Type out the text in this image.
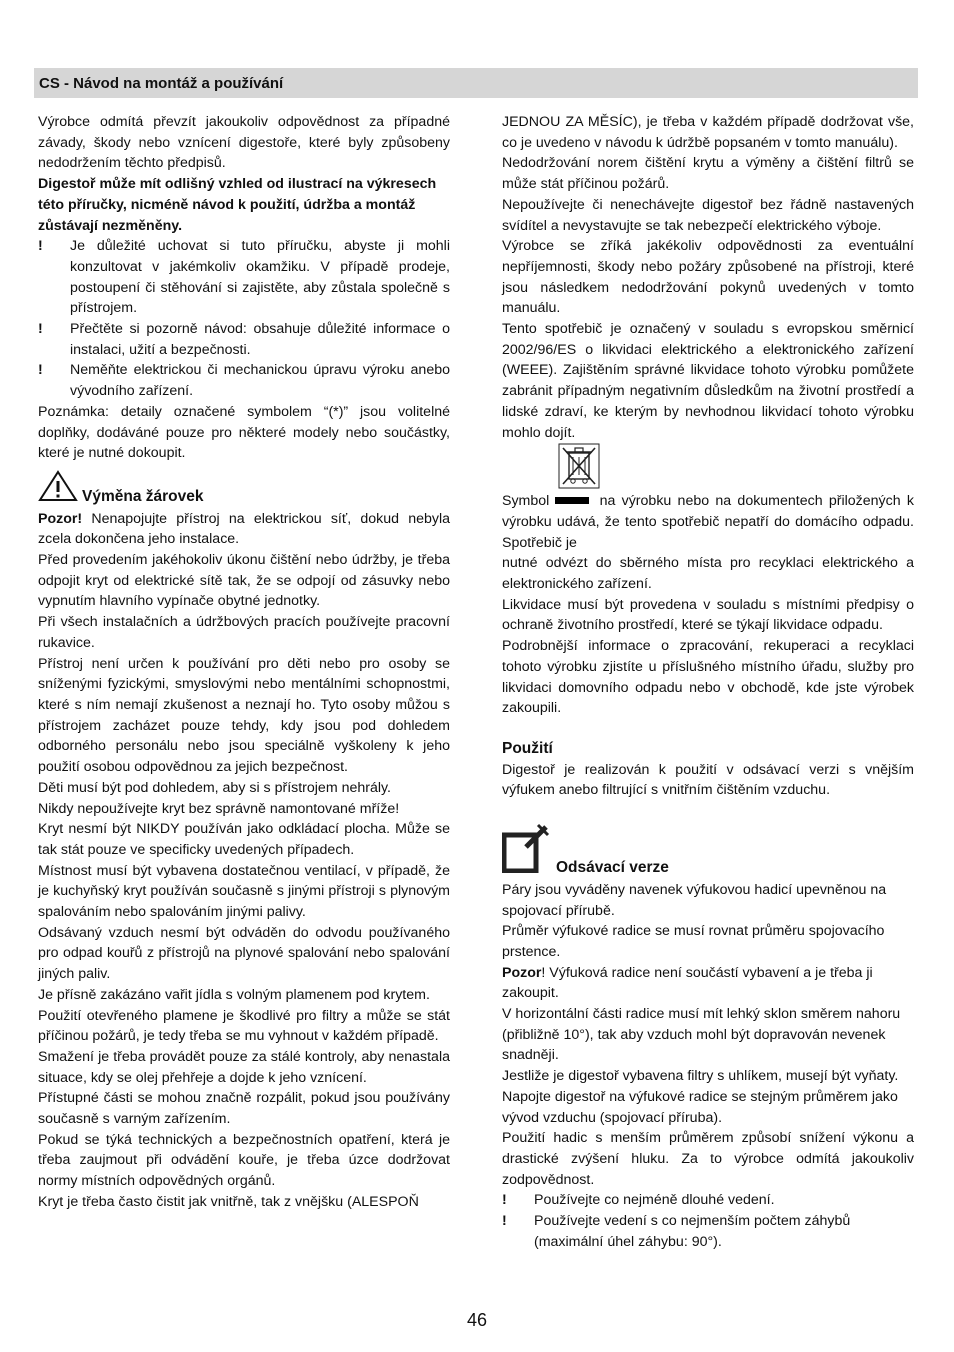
CS - Návod na montáž a používání

Výrobce odmítá převzít jakoukoliv odpovědnost za případné závady, škody nebo vznícení digestoře, které byly způsobeny nedodržením těchto předpisů.

Digestoř může mít odlišný vzhled od ilustrací na výkresech této příručky, nicméně návod k použití, údržba a montáž zůstávají nezměněny.

!	Je důležité uchovat si tuto příručku, abyste ji mohli konzultovat v jakémkoliv okamžiku. V případě prodeje, postoupení či stěhování si zajistěte, aby zůstala společně s přístrojem.
!	Přečtěte si pozorně návod: obsahuje důležité informace o instalaci, užití a bezpečnosti.
!	Neměňte elektrickou či mechanickou úpravu výroku anebo vývodního zařízení.

Poznámka: detaily označené symbolem “(*)” jsou volitelné doplňky, dodáváné pouze pro některé modely nebo součástky, které je nutné dokoupit.

Výměna žárovek

Pozor! Nenapojujte přístroj na elektrickou síť, dokud nebyla zcela dokončena jeho instalace.

Před provedením jakéhokoliv úkonu čištění nebo údržby, je třeba odpojit kryt od elektrické sítě tak, že se odpojí od zásuvky nebo vypnutím hlavního vypínače obytné jednotky.

Při všech instalačních a údržbových pracích používejte pracovní rukavice.

Přístroj není určen k používání pro děti nebo pro osoby se sníženými fyzickými, smyslovými nebo mentálními schopnostmi, které s ním nemají zkušenost a neznají ho. Tyto osoby můžou s přístrojem zacházet pouze tehdy, kdy jsou pod dohledem odborného personálu nebo jsou speciálně vyškoleny k jeho použití osobou odpovědnou za jejich bezpečnost.

Děti musí být pod dohledem, aby si s přístrojem nehrály.

Nikdy nepoužívejte kryt bez správně namontované mříže!

Kryt nesmí být NIKDY používán jako odkládací plocha. Může se tak stát pouze ve specificky uvedených případech.

Místnost musí být vybavena dostatečnou ventilací, v případě, že je kuchyňský kryt používán současně s jinými přístroji s plynovým spalováním nebo spalováním jinými palivy.

Odsávaný vzduch nesmí být odváděn do odvodu používaného pro odpad kouřů z přístrojů na plynové spalování nebo spalování jiných paliv.

Je přísně zakázáno vařit jídla s volným plamenem pod krytem.

Použití otevřeného plamene je škodlivé pro filtry a může se stát příčinou požárů, je tedy třeba se mu vyhnout v každém případě.

Smažení je třeba provádět pouze za stálé kontroly, aby nenastala situace, kdy se olej přehřeje a dojde k jeho vznícení.

Přístupné části se mohou značně rozpálit, pokud jsou používány současně s varným zařízením.

Pokud se týká technických a bezpečnostních opatření, která je třeba zaujmout při odvádění kouře, je třeba úzce dodržovat normy místních odpovědných orgánů.

Kryt je třeba často čistit jak vnitřně, tak z vnějšku (ALESPOŇ

JEDNOU ZA MĚSÍC), je třeba v každém případě dodržovat vše, co je uvedeno v návodu k údržbě popsaném v tomto manuálu).

Nedodržování norem čištění krytu a výměny a čištění filtrů se může stát příčinou požárů.

Nepoužívejte či nenechávejte digestoř bez řádně nastavených svídítel a nevystavujte se tak nebezpečí elektrického výboje.

Výrobce se zříká jakékoliv odpovědnosti za eventuální nepříjemnosti, škody nebo požáry způsobené na přístroji, které jsou následkem nedodržování pokynů uvedených v tomto manuálu.

Tento spotřebič je označený v souladu s evropskou směrnicí 2002/96/ES o likvidaci elektrického a elektronického zařízení (WEEE). Zajištěním správné likvidace tohoto výrobku pomůžete zabránit případným negativním důsledkům na životní prostředí a lidské zdraví, ke kterým by nevhodnou likvidací tohoto výrobku mohlo dojít.

Symbol	na výrobku nebo na dokumentech přiložených k výrobku udává, že tento spotřebič nepatří do domácího odpadu. Spotřebič je

nutné odvézt do sběrného místa pro recyklaci elektrického a elektronického zařízení.

Likvidace musí být provedena v souladu s místními předpisy o ochraně životního prostředí, které se týkají likvidace odpadu.

Podrobnější informace o zpracování, rekuperaci a recyklaci tohoto výrobku zjistíte u příslušného místního úřadu, služby pro likvidaci domovního odpadu nebo v obchodě, kde jste výrobek zakoupili.

Použití

Digestoř je realizován k použití v odsávací verzi s vnějším výfukem anebo filtrující s vnitřním čištěním vzduchu.

Odsávací verze

Páry jsou vyváděny navenek výfukovou hadicí upevněnou na spojovací přírubě.

Průměr výfukové radice se musí rovnat průměru spojovacího prstence.

Pozor! Výfuková radice není součástí vybavení a je třeba ji zakoupit.

V horizontální části radice musí mít lehký sklon směrem nahoru (přibližně 10°), tak aby vzduch mohl být dopravován nevenek snadněji.

Jestliže je digestoř vybavena filtry s uhlíkem, musejí být vyňaty. Napojte digestoř na výfukové radice se stejným průměrem jako vývod vzduchu (spojovací příruba).

Použití hadic s menším průměrem způsobí snížení výkonu a drastické zvýšení hluku. Za to výrobce odmítá jakoukoliv zodpovědnost.

!	Používejte co nejméně dlouhé vedení.
!	Používejte vedení s co nejmenším počtem záhybů (maximální úhel záhybu: 90°).
46
